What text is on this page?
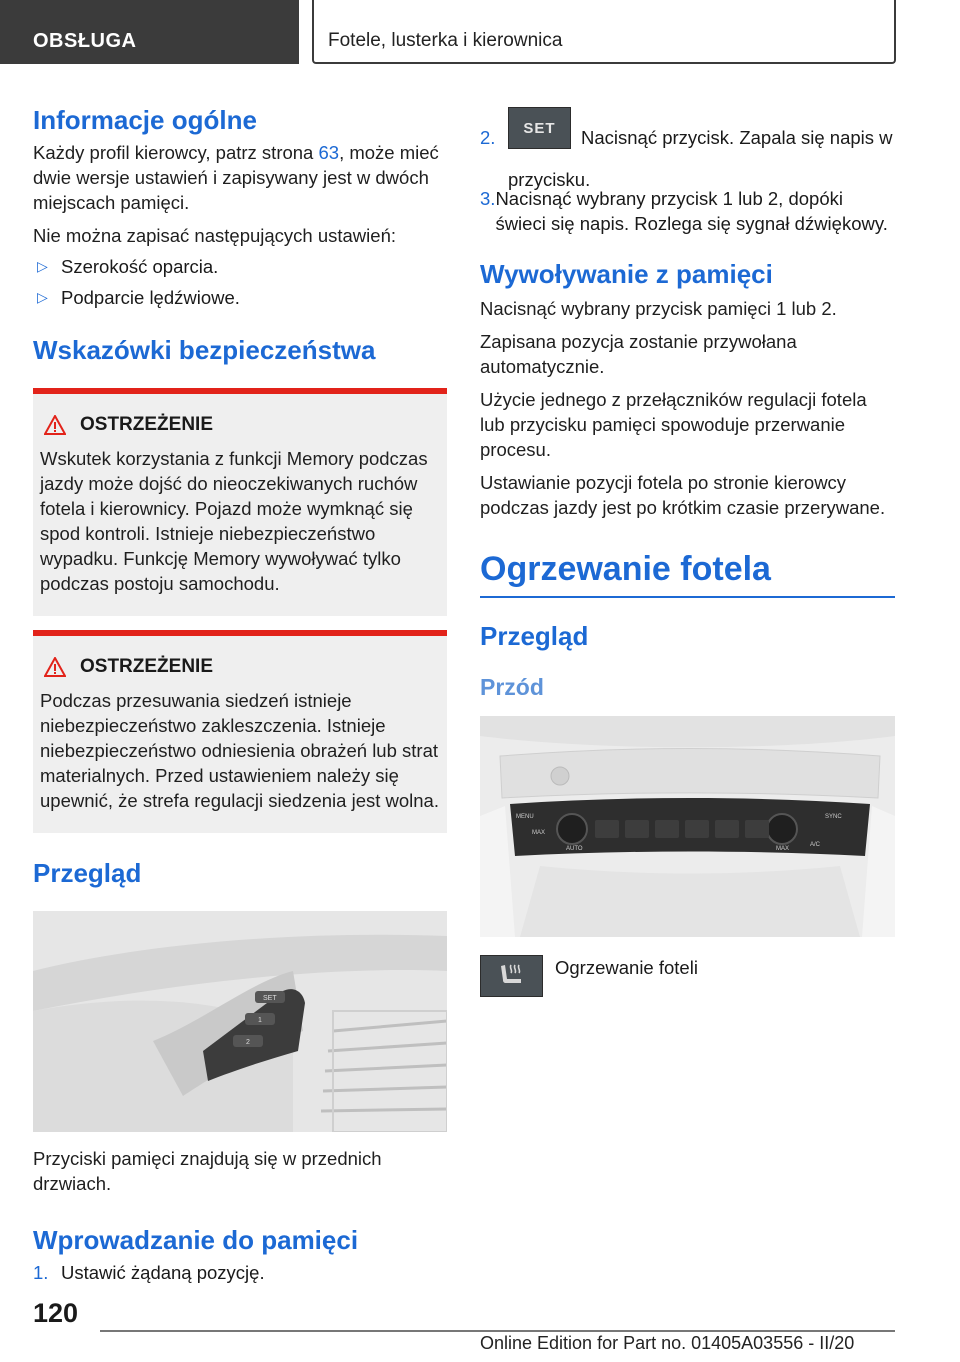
OBSŁUGA	Fotele, lusterka i kierownica
Informacje ogólne

Każdy profil kierowcy, patrz strona 63, może mieć dwie wersje ustawień i zapisywany jest w dwóch miejscach pamięci.

Nie można zapisać następujących ustawień:

▷ Szerokość oparcia.
▷ Podparcie lędźwiowe.
Wskazówki bezpieczeństwa
OSTRZEŻENIE

Wskutek korzystania z funkcji Memory podczas jazdy może dojść do nieoczekiwanych ruchów fotela i kierownicy. Pojazd może wymknąć się spod kontroli. Istnieje niebezpieczeństwo wypadku. Funkcję Memory wywoływać tylko podczas postoju samochodu.

OSTRZEŻENIE

Podczas przesuwania siedzeń istnieje niebezpieczeństwo zakleszczenia. Istnieje niebezpieczeństwo odniesienia obrażeń lub strat materialnych. Przed ustawieniem należy się upewnić, że strefa regulacji siedzenia jest wolna.

Przegląd
SET
1
2

Przyciski pamięci znajdują się w przednich drzwiach.

Wprowadzanie do pamięci
1. Ustawić żądaną pozycję.
2.	SET Nacisnąć przycisk. Zapala się napis w przycisku.
3. Nacisnąć wybrany przycisk 1 lub 2, dopóki świeci się napis. Rozlega się sygnał dźwiękowy.
Wywoływanie z pamięci

Nacisnąć wybrany przycisk pamięci 1 lub 2.

Zapisana pozycja zostanie przywołana automatycznie.

Użycie jednego z przełączników regulacji fotela lub przycisku pamięci spowoduje przerwanie procesu.

Ustawianie pozycji fotela po stronie kierowcy podczas jazdy jest po krótkim czasie przerywane.

Ogrzewanie fotela
Przegląd
Przód
MENU
MAX
AUTO
SYNC
A/C
MAX
Ogrzewanie foteli
120
Online Edition for Part no. 01405A03556 - II/20
